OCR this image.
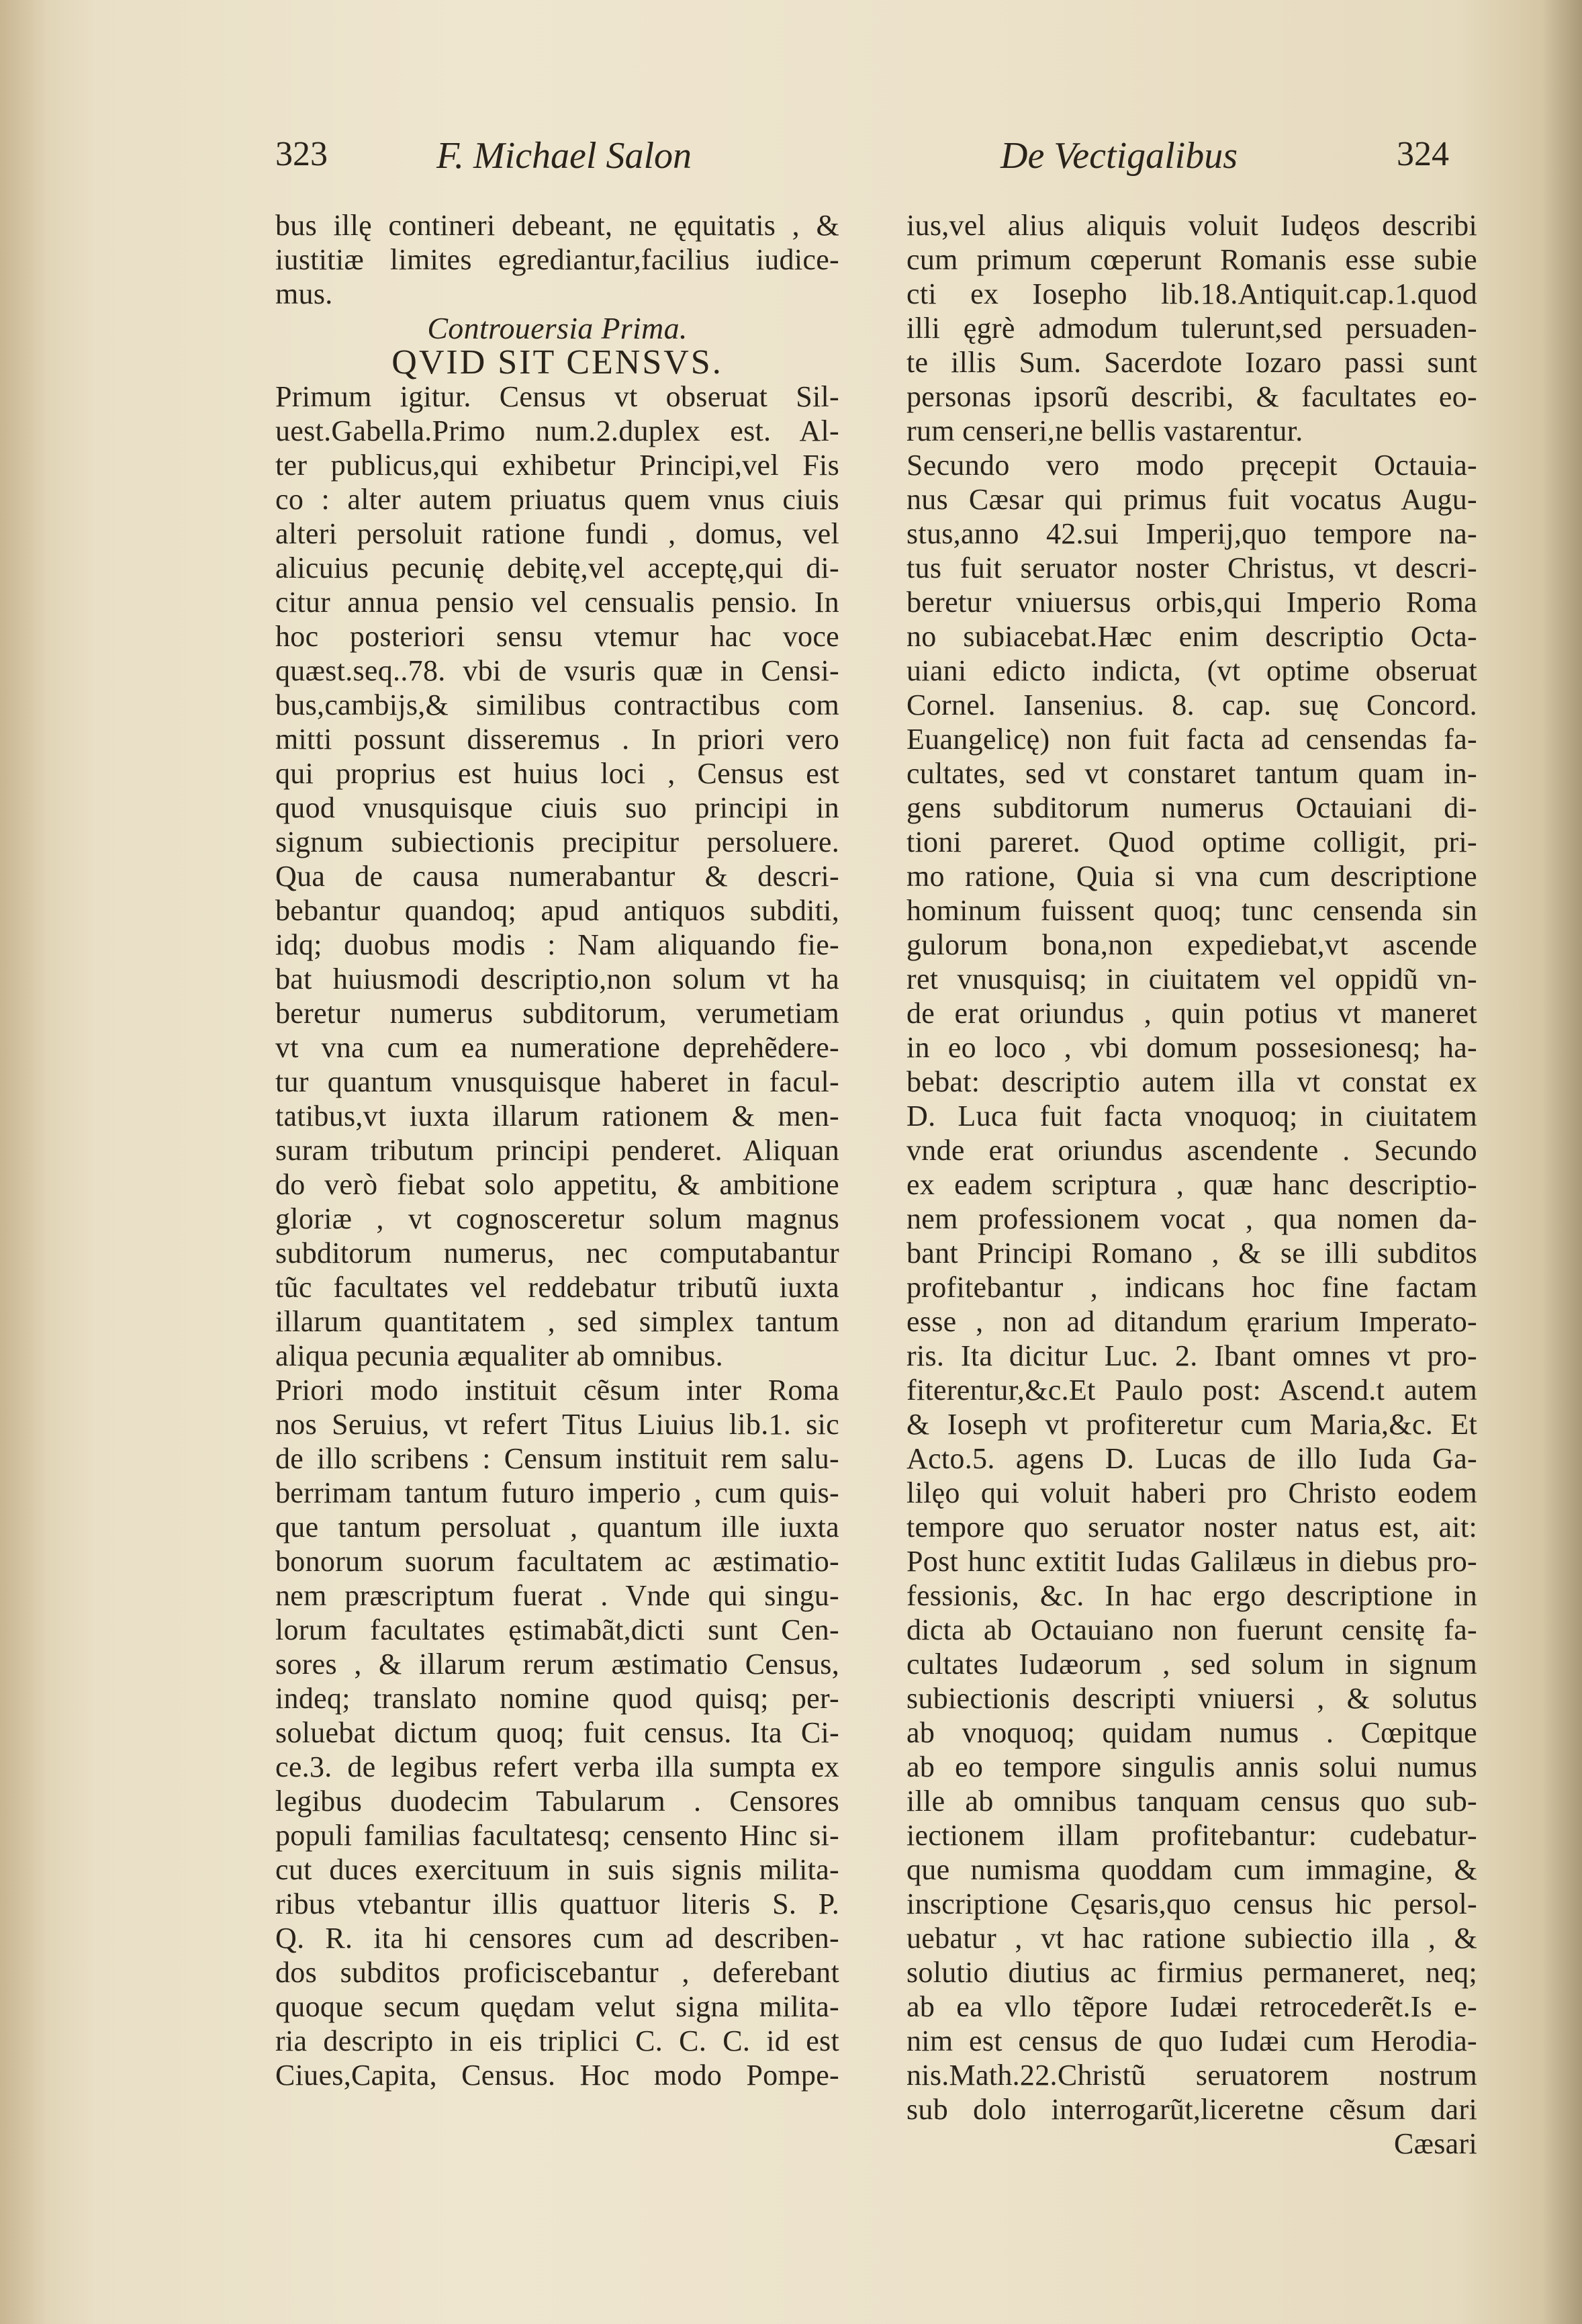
323	F. Michael Salon	De Vectigalibus	324
bus illę contineri debeant, ne ęquitatis , &
iustitiæ limites egrediantur,facilius iudice-
mus.
Controuersia Prima.
QVID SIT CENSVS.
Primum igitur. Census vt obseruat Sil-
uest.Gabella.Primo num.2.duplex est. Al-
ter publicus,qui exhibetur Principi,vel Fis
co : alter autem priuatus quem vnus ciuis
alteri persoluit ratione fundi , domus, vel
alicuius pecunię debitę,vel acceptę,qui di-
citur annua pensio vel censualis pensio. In
hoc posteriori sensu vtemur hac voce
quæst.seq..78. vbi de vsuris quæ in Censi-
bus,cambijs,& similibus contractibus com
mitti possunt disseremus . In priori vero
qui proprius est huius loci , Census est
quod vnusquisque ciuis suo principi in
signum subiectionis precipitur persoluere.
Qua de causa numerabantur & descri-
bebantur quandoq; apud antiquos subditi,
idq; duobus modis : Nam aliquando fie-
bat huiusmodi descriptio,non solum vt ha
beretur numerus subditorum, verumetiam
vt vna cum ea numeratione deprehẽdere-
tur quantum vnusquisque haberet in facul-
tatibus,vt iuxta illarum rationem & men-
suram tributum principi penderet. Aliquan
do verò fiebat solo appetitu, & ambitione
gloriæ , vt cognosceretur solum magnus
subditorum numerus, nec computabantur
tũc facultates vel reddebatur tributũ iuxta
illarum quantitatem , sed simplex tantum
aliqua pecunia æqualiter ab omnibus.
Priori modo instituit cẽsum inter Roma
nos Seruius, vt refert Titus Liuius lib.1. sic
de illo scribens : Censum instituit rem salu-
berrimam tantum futuro imperio , cum quis-
que tantum persoluat , quantum ille iuxta
bonorum suorum facultatem ac æstimatio-
nem præscriptum fuerat . Vnde qui singu-
lorum facultates ęstimabãt,dicti sunt Cen-
sores , & illarum rerum æstimatio Census,
indeq; translato nomine quod quisq; per-
soluebat dictum quoq; fuit census. Ita Ci-
ce.3. de legibus refert verba illa sumpta ex
legibus duodecim Tabularum . Censores
populi familias facultatesq; censento Hinc si-
cut duces exercituum in suis signis milita-
ribus vtebantur illis quattuor literis S. P.
Q. R. ita hi censores cum ad describen-
dos subditos proficiscebantur , deferebant
quoque secum quędam velut signa milita-
ria descripto in eis triplici C. C. C. id est
Ciues,Capita, Census. Hoc modo Pompe-
ius,vel alius aliquis voluit Iudęos describi
cum primum cœperunt Romanis esse subie
cti ex Iosepho lib.18.Antiquit.cap.1.quod
illi ęgrè admodum tulerunt,sed persuaden-
te illis Sum. Sacerdote Iozaro passi sunt
personas ipsorũ describi, & facultates eo-
rum censeri,ne bellis vastarentur.
Secundo vero modo pręcepit Octauia-
nus Cæsar qui primus fuit vocatus Augu-
stus,anno 42.sui Imperij,quo tempore na-
tus fuit seruator noster Christus, vt descri-
beretur vniuersus orbis,qui Imperio Roma
no subiacebat.Hæc enim descriptio Octa-
uiani edicto indicta, (vt optime obseruat
Cornel. Iansenius. 8. cap. suę Concord.
Euangelicę) non fuit facta ad censendas fa-
cultates, sed vt constaret tantum quam in-
gens subditorum numerus Octauiani di-
tioni pareret. Quod optime colligit, pri-
mo ratione, Quia si vna cum descriptione
hominum fuissent quoq; tunc censenda sin
gulorum bona,non expediebat,vt ascende
ret vnusquisq; in ciuitatem vel oppidũ vn-
de erat oriundus , quin potius vt maneret
in eo loco , vbi domum possesionesq; ha-
bebat: descriptio autem illa vt constat ex
D. Luca fuit facta vnoquoq; in ciuitatem
vnde erat oriundus ascendente . Secundo
ex eadem scriptura , quæ hanc descriptio-
nem professionem vocat , qua nomen da-
bant Principi Romano , & se illi subditos
profitebantur , indicans hoc fine factam
esse , non ad ditandum ęrarium Imperato-
ris. Ita dicitur Luc. 2. Ibant omnes vt pro-
fiterentur,&c.Et Paulo post: Ascend.t autem
& Ioseph vt profiteretur cum Maria,&c. Et
Acto.5. agens D. Lucas de illo Iuda Ga-
lilęo qui voluit haberi pro Christo eodem
tempore quo seruator noster natus est, ait:
Post hunc extitit Iudas Galilæus in diebus pro-
fessionis, &c. In hac ergo descriptione in
dicta ab Octauiano non fuerunt censitę fa-
cultates Iudæorum , sed solum in signum
subiectionis descripti vniuersi , & solutus
ab vnoquoq; quidam numus . Cœpitque
ab eo tempore singulis annis solui numus
ille ab omnibus tanquam census quo sub-
iectionem illam profitebantur: cudebatur-
que numisma quoddam cum immagine, &
inscriptione Cęsaris,quo census hic persol-
uebatur , vt hac ratione subiectio illa , &
solutio diutius ac firmius permaneret, neq;
ab ea vllo tẽpore Iudæi retrocederẽt.Is e-
nim est census de quo Iudæi cum Herodia-
nis.Math.22.Christũ seruatorem nostrum
sub dolo interrogarũt,liceretne cẽsum dari
Cæsari
